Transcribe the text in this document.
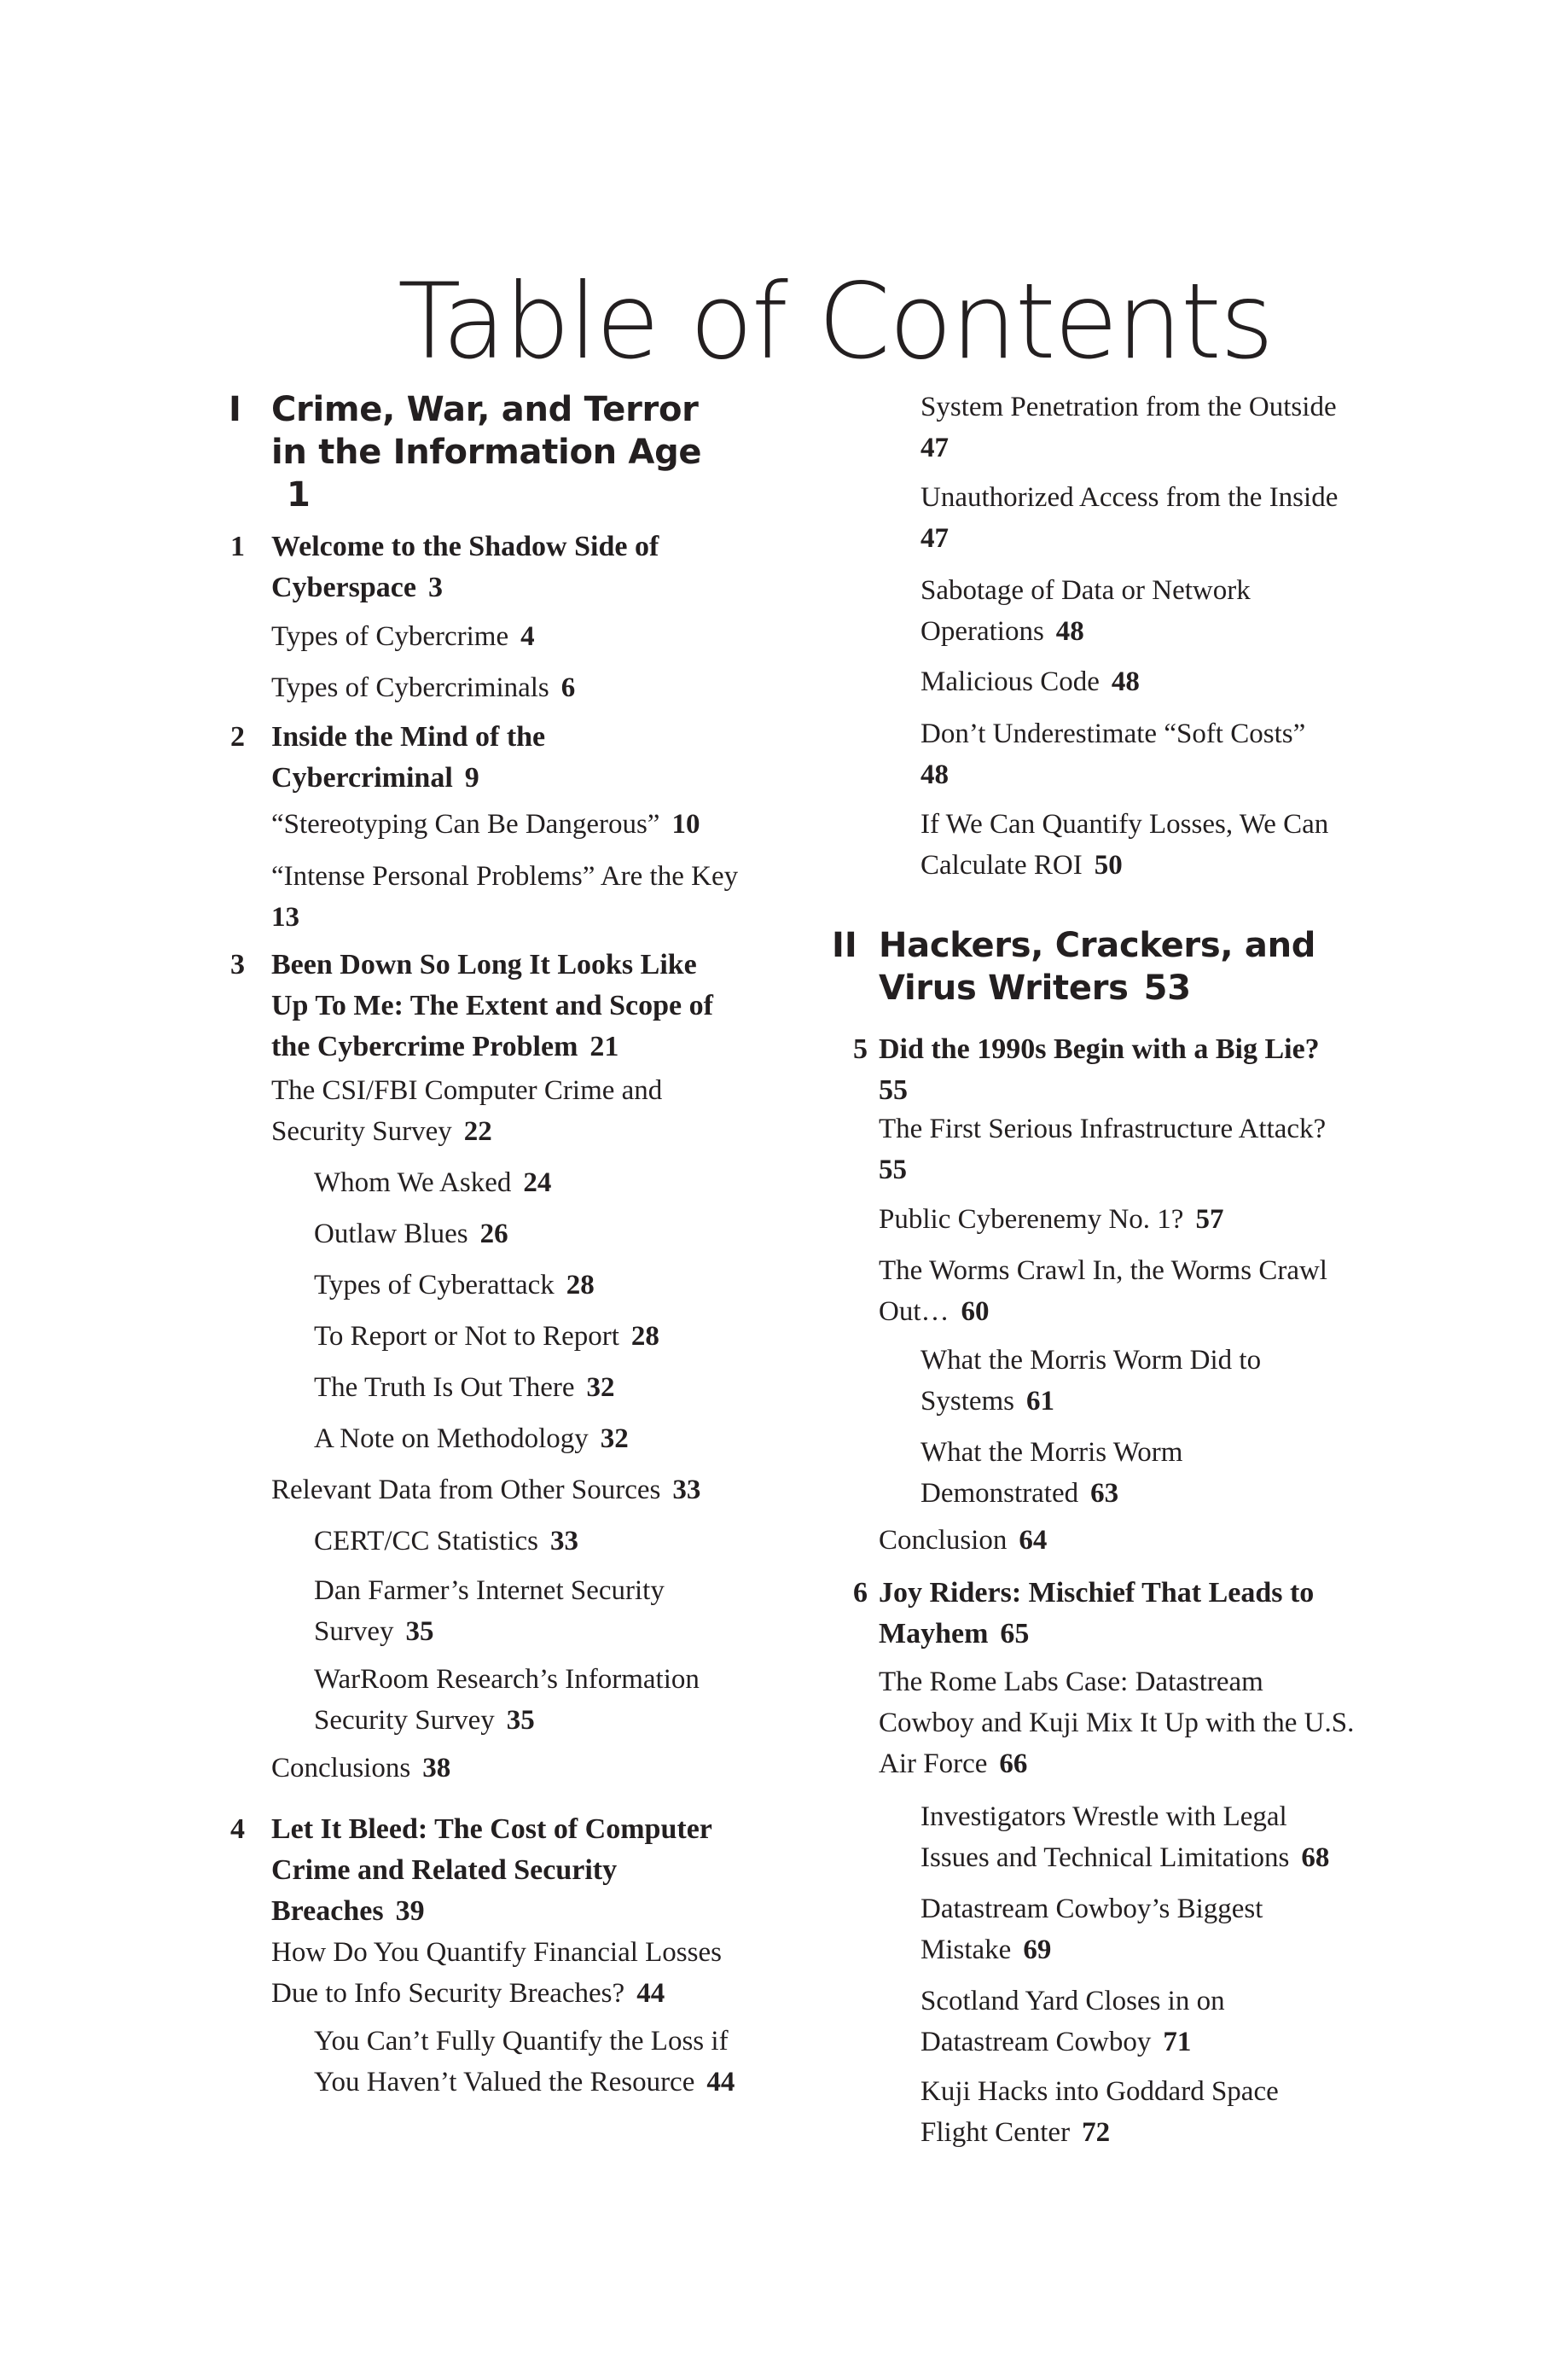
Table of Contents
I Crime, War, and Terror
in the Information Age
1
1 Welcome to the Shadow Side of
Cyberspace 3
Types of Cybercrime 4
Types of Cybercriminals 6
2 Inside the Mind of the
Cybercriminal 9
“Stereotyping Can Be Dangerous” 10
“Intense Personal Problems” Are the Key
13
3 Been Down So Long It Looks Like
Up To Me: The Extent and Scope of
the Cybercrime Problem 21
The CSI/FBI Computer Crime and
Security Survey 22
Whom We Asked 24
Outlaw Blues 26
Types of Cyberattack 28
To Report or Not to Report 28
The Truth Is Out There 32
A Note on Methodology 32
Relevant Data from Other Sources 33
CERT/CC Statistics 33
Dan Farmer’s Internet Security
Survey 35
WarRoom Research’s Information
Security Survey 35
Conclusions 38
4 Let It Bleed: The Cost of Computer
Crime and Related Security
Breaches 39
How Do You Quantify Financial Losses
Due to Info Security Breaches? 44
You Can’t Fully Quantify the Loss if
You Haven’t Valued the Resource 44
System Penetration from the Outside
47
Unauthorized Access from the Inside
47
Sabotage of Data or Network
Operations 48
Malicious Code 48
Don’t Underestimate “Soft Costs”
48
If We Can Quantify Losses, We Can
Calculate ROI 50
II Hackers, Crackers, and
Virus Writers 53
5 Did the 1990s Begin with a Big Lie?
55
The First Serious Infrastructure Attack?
55
Public Cyberenemy No. 1? 57
The Worms Crawl In, the Worms Crawl
Out… 60
What the Morris Worm Did to
Systems 61
What the Morris Worm
Demonstrated 63
Conclusion 64
6 Joy Riders: Mischief That Leads to
Mayhem 65
The Rome Labs Case: Datastream
Cowboy and Kuji Mix It Up with the U.S.
Air Force 66
Investigators Wrestle with Legal
Issues and Technical Limitations 68
Datastream Cowboy’s Biggest
Mistake 69
Scotland Yard Closes in on
Datastream Cowboy 71
Kuji Hacks into Goddard Space
Flight Center 72
